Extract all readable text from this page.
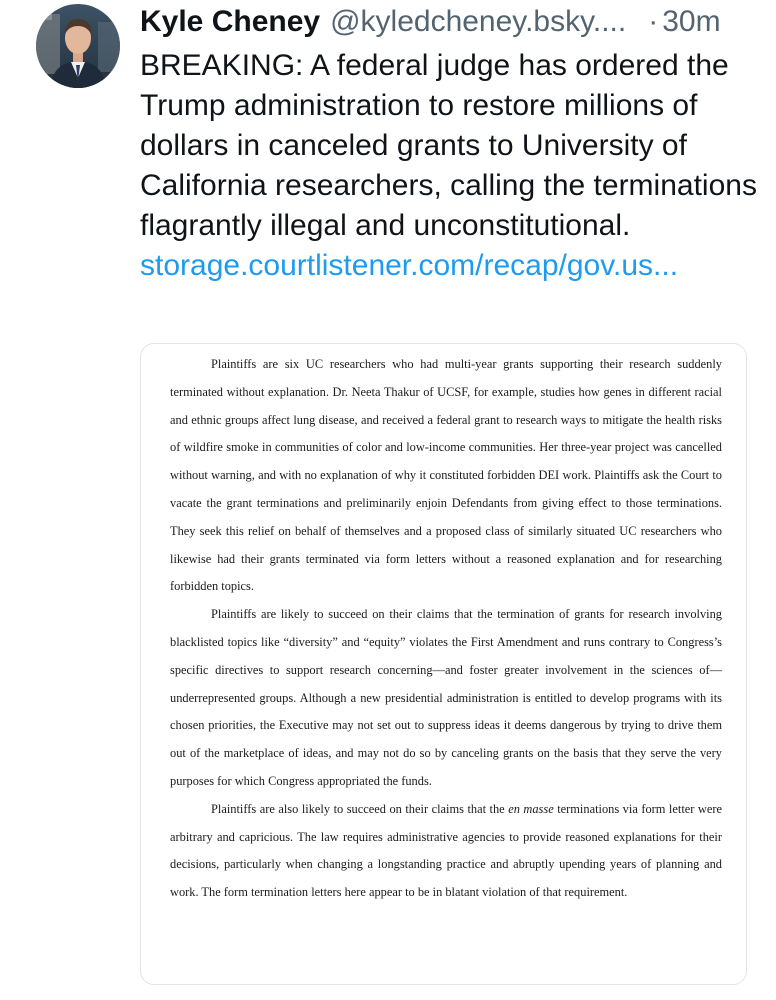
Kyle Cheney @kyledcheney.bsky.... · 30m

BREAKING: A federal judge has ordered the Trump administration to restore millions of dollars in canceled grants to University of California researchers, calling the terminations flagrantly illegal and unconstitutional.

storage.courtlistener.com/recap/gov.us...

Plaintiffs are six UC researchers who had multi-year grants supporting their research suddenly terminated without explanation. Dr. Neeta Thakur of UCSF, for example, studies how genes in different racial and ethnic groups affect lung disease, and received a federal grant to research ways to mitigate the health risks of wildfire smoke in communities of color and low-income communities. Her three-year project was cancelled without warning, and with no explanation of why it constituted forbidden DEI work. Plaintiffs ask the Court to vacate the grant terminations and preliminarily enjoin Defendants from giving effect to those terminations. They seek this relief on behalf of themselves and a proposed class of similarly situated UC researchers who likewise had their grants terminated via form letters without a reasoned explanation and for researching forbidden topics.

Plaintiffs are likely to succeed on their claims that the termination of grants for research involving blacklisted topics like “diversity” and “equity” violates the First Amendment and runs contrary to Congress’s specific directives to support research concerning—and foster greater involvement in the sciences of—underrepresented groups. Although a new presidential administration is entitled to develop programs with its chosen priorities, the Executive may not set out to suppress ideas it deems dangerous by trying to drive them out of the marketplace of ideas, and may not do so by canceling grants on the basis that they serve the very purposes for which Congress appropriated the funds.

Plaintiffs are also likely to succeed on their claims that the en masse terminations via form letter were arbitrary and capricious. The law requires administrative agencies to provide reasoned explanations for their decisions, particularly when changing a longstanding practice and abruptly upending years of planning and work. The form termination letters here appear to be in blatant violation of that requirement.
